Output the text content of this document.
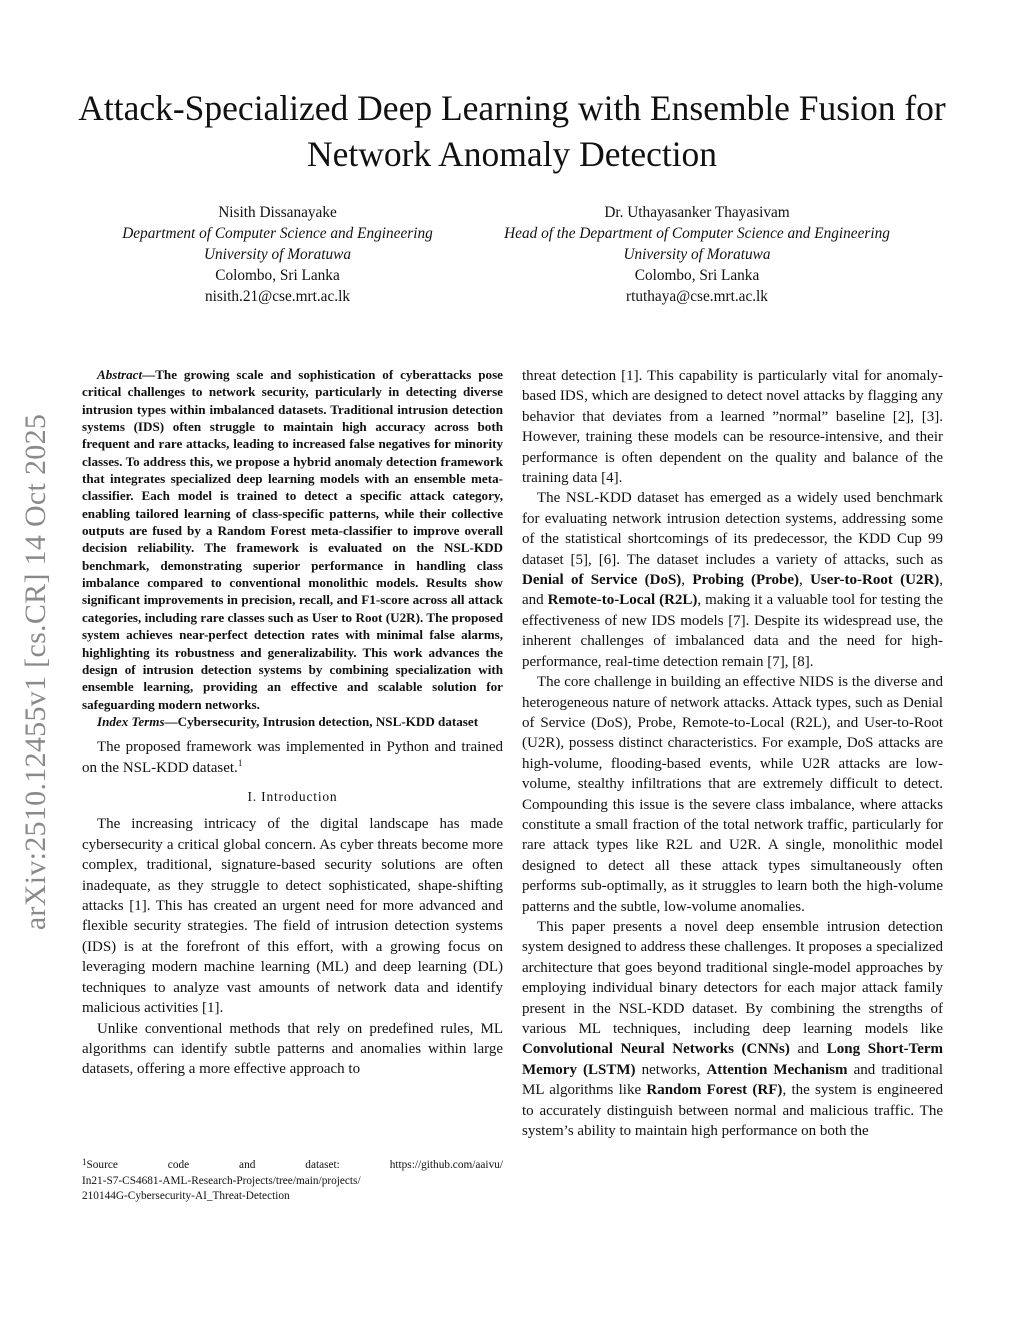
arXiv:2510.12455v1 [cs.CR] 14 Oct 2025
Attack-Specialized Deep Learning with Ensemble Fusion for Network Anomaly Detection
Nisith Dissanayake
Department of Computer Science and Engineering
University of Moratuwa
Colombo, Sri Lanka
nisith.21@cse.mrt.ac.lk
Dr. Uthayasanker Thayasivam
Head of the Department of Computer Science and Engineering
University of Moratuwa
Colombo, Sri Lanka
rtuthaya@cse.mrt.ac.lk

Abstract—The growing scale and sophistication of cyberattacks pose critical challenges to network security, particularly in detecting diverse intrusion types within imbalanced datasets. Traditional intrusion detection systems (IDS) often struggle to maintain high accuracy across both frequent and rare attacks, leading to increased false negatives for minority classes. To address this, we propose a hybrid anomaly detection framework that integrates specialized deep learning models with an ensemble meta-classifier. Each model is trained to detect a specific attack category, enabling tailored learning of class-specific patterns, while their collective outputs are fused by a Random Forest meta-classifier to improve overall decision reliability. The framework is evaluated on the NSL-KDD benchmark, demonstrating superior performance in handling class imbalance compared to conventional monolithic models. Results show significant improvements in precision, recall, and F1-score across all attack categories, including rare classes such as User to Root (U2R). The proposed system achieves near-perfect detection rates with minimal false alarms, highlighting its robustness and generalizability. This work advances the design of intrusion detection systems by combining specialization with ensemble learning, providing an effective and scalable solution for safeguarding modern networks.

Index Terms—Cybersecurity, Intrusion detection, NSL-KDD dataset

The proposed framework was implemented in Python and trained on the NSL-KDD dataset.$^1$

I. Introduction

The increasing intricacy of the digital landscape has made cybersecurity a critical global concern. As cyber threats become more complex, traditional, signature-based security solutions are often inadequate, as they struggle to detect sophisticated, shape-shifting attacks [1]. This has created an urgent need for more advanced and flexible security strategies. The field of intrusion detection systems (IDS) is at the forefront of this effort, with a growing focus on leveraging modern machine learning (ML) and deep learning (DL) techniques to analyze vast amounts of network data and identify malicious activities [1].

Unlike conventional methods that rely on predefined rules, ML algorithms can identify subtle patterns and anomalies within large datasets, offering a more effective approach to

$^1$Source code and dataset: https://github.com/aaivu/
In21-S7-CS4681-AML-Research-Projects/tree/main/projects/
210144G-Cybersecurity-AI_Threat-Detection

threat detection [1]. This capability is particularly vital for anomaly-based IDS, which are designed to detect novel attacks by flagging any behavior that deviates from a learned ”normal” baseline [2], [3]. However, training these models can be resource-intensive, and their performance is often dependent on the quality and balance of the training data [4].

The NSL-KDD dataset has emerged as a widely used benchmark for evaluating network intrusion detection systems, addressing some of the statistical shortcomings of its predecessor, the KDD Cup 99 dataset [5], [6]. The dataset includes a variety of attacks, such as Denial of Service (DoS), Probing (Probe), User-to-Root (U2R), and Remote-to-Local (R2L), making it a valuable tool for testing the effectiveness of new IDS models [7]. Despite its widespread use, the inherent challenges of imbalanced data and the need for high-performance, real-time detection remain [7], [8].

The core challenge in building an effective NIDS is the diverse and heterogeneous nature of network attacks. Attack types, such as Denial of Service (DoS), Probe, Remote-to-Local (R2L), and User-to-Root (U2R), possess distinct characteristics. For example, DoS attacks are high-volume, flooding-based events, while U2R attacks are low-volume, stealthy infiltrations that are extremely difficult to detect. Compounding this issue is the severe class imbalance, where attacks constitute a small fraction of the total network traffic, particularly for rare attack types like R2L and U2R. A single, monolithic model designed to detect all these attack types simultaneously often performs sub-optimally, as it struggles to learn both the high-volume patterns and the subtle, low-volume anomalies.

This paper presents a novel deep ensemble intrusion detection system designed to address these challenges. It proposes a specialized architecture that goes beyond traditional single-model approaches by employing individual binary detectors for each major attack family present in the NSL-KDD dataset. By combining the strengths of various ML techniques, including deep learning models like Convolutional Neural Networks (CNNs) and Long Short-Term Memory (LSTM) networks, Attention Mechanism and traditional ML algorithms like Random Forest (RF), the system is engineered to accurately distinguish between normal and malicious traffic. The system’s ability to maintain high performance on both the
